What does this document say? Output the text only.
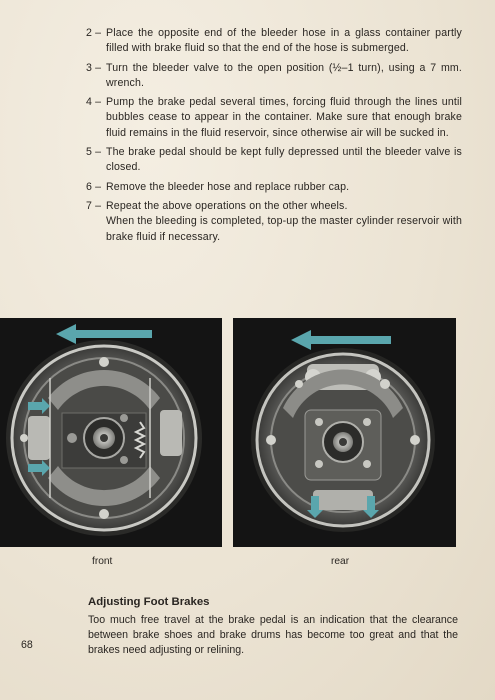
2 – Place the opposite end of the bleeder hose in a glass container partly filled with brake fluid so that the end of the hose is submerged.

3 – Turn the bleeder valve to the open position (½–1 turn), using a 7 mm. wrench.

4 – Pump the brake pedal several times, forcing fluid through the lines until bubbles cease to appear in the container. Make sure that enough brake fluid remains in the fluid reservoir, since otherwise air will be sucked in.

5 – The brake pedal should be kept fully depressed until the bleeder valve is closed.

6 – Remove the bleeder hose and replace rubber cap.

7 – Repeat the above operations on the other wheels.

When the bleeding is completed, top-up the master cylinder reservoir with brake fluid if necessary.

front	rear
Adjusting Foot Brakes

Too much free travel at the brake pedal is an indication that the clearance between brake shoes and brake drums has become too great and that the brakes need adjusting or relining.

68
